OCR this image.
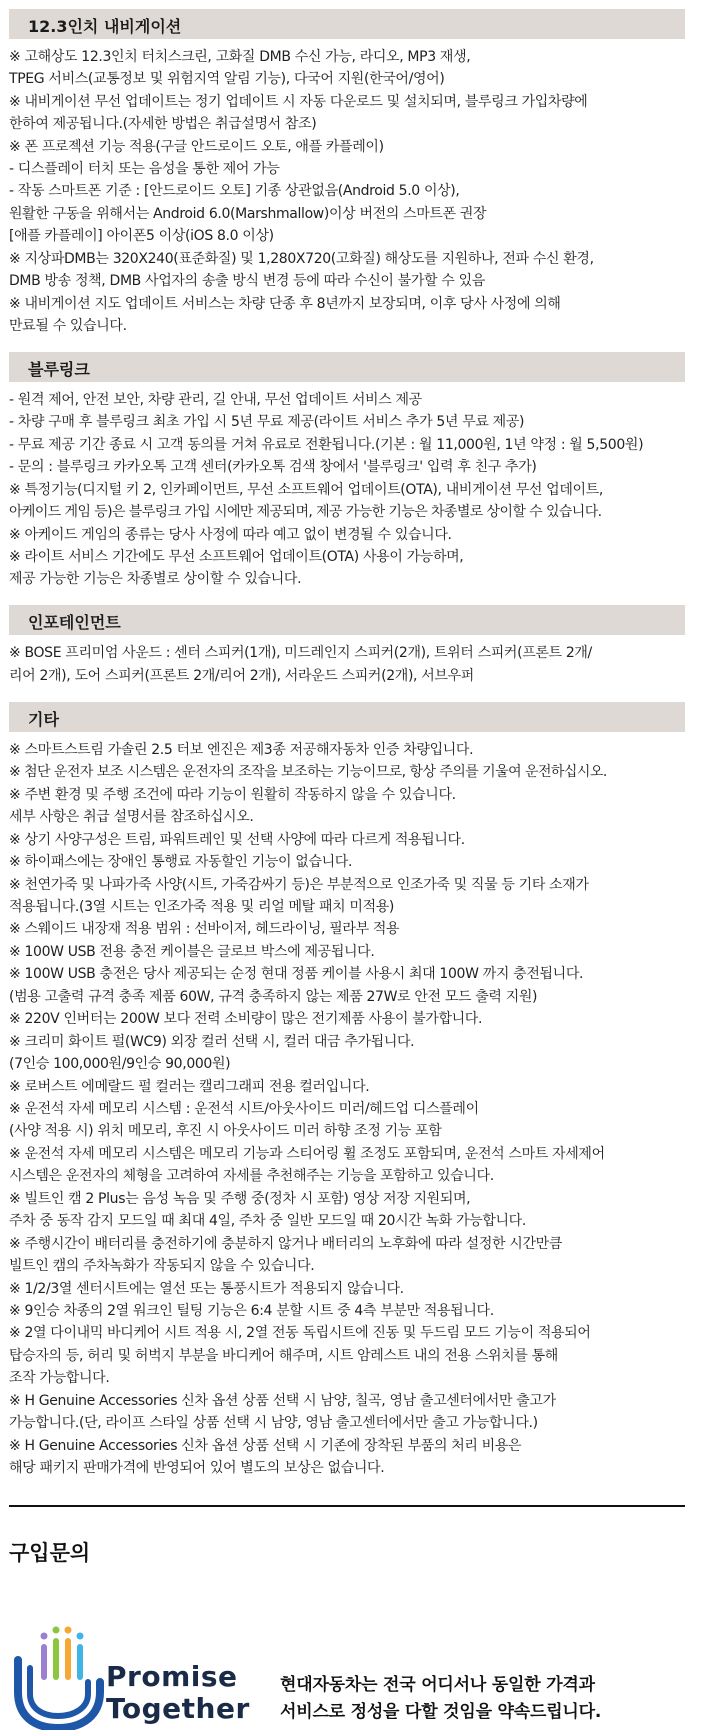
12.3인치 내비게이션
※ 고해상도 12.3인치 터치스크린, 고화질 DMB 수신 가능, 라디오, MP3 재생,
TPEG 서비스(교통정보 및 위험지역 알림 기능), 다국어 지원(한국어/영어)
※ 내비게이션 무선 업데이트는 정기 업데이트 시 자동 다운로드 및 설치되며, 블루링크 가입차량에
한하여 제공됩니다.(자세한 방법은 취급설명서 참조)
※ 폰 프로젝션 기능 적용(구글 안드로이드 오토, 애플 카플레이)
- 디스플레이 터치 또는 음성을 통한 제어 가능
- 작동 스마트폰 기준 : [안드로이드 오토] 기종 상관없음(Android 5.0 이상),
원활한 구동을 위해서는 Android 6.0(Marshmallow)이상 버전의 스마트폰 권장
[애플 카플레이] 아이폰5 이상(iOS 8.0 이상)
※ 지상파DMB는 320X240(표준화질) 및 1,280X720(고화질) 해상도를 지원하나, 전파 수신 환경,
DMB 방송 정책, DMB 사업자의 송출 방식 변경 등에 따라 수신이 불가할 수 있음
※ 내비게이션 지도 업데이트 서비스는 차량 단종 후 8년까지 보장되며, 이후 당사 사정에 의해
만료될 수 있습니다.
블루링크
- 원격 제어, 안전 보안, 차량 관리, 길 안내, 무선 업데이트 서비스 제공
- 차량 구매 후 블루링크 최초 가입 시 5년 무료 제공(라이트 서비스 추가 5년 무료 제공)
- 무료 제공 기간 종료 시 고객 동의를 거쳐 유료로 전환됩니다.(기본 : 월 11,000원, 1년 약정 : 월 5,500원)
- 문의 : 블루링크 카카오톡 고객 센터(카카오톡 검색 창에서 '블루링크' 입력 후 친구 추가)
※ 특정기능(디지털 키 2, 인카페이먼트, 무선 소프트웨어 업데이트(OTA), 내비게이션 무선 업데이트,
아케이드 게임 등)은 블루링크 가입 시에만 제공되며, 제공 가능한 기능은 차종별로 상이할 수 있습니다.
※ 아케이드 게임의 종류는 당사 사정에 따라 예고 없이 변경될 수 있습니다.
※ 라이트 서비스 기간에도 무선 소프트웨어 업데이트(OTA) 사용이 가능하며,
제공 가능한 기능은 차종별로 상이할 수 있습니다.
인포테인먼트
※ BOSE 프리미엄 사운드 : 센터 스피커(1개), 미드레인지 스피커(2개), 트위터 스피커(프론트 2개/
리어 2개), 도어 스피커(프론트 2개/리어 2개), 서라운드 스피커(2개), 서브우퍼
기타
※ 스마트스트림 가솔린 2.5 터보 엔진은 제3종 저공해자동차 인증 차량입니다.
※ 첨단 운전자 보조 시스템은 운전자의 조작을 보조하는 기능이므로, 항상 주의를 기울여 운전하십시오.
※ 주변 환경 및 주행 조건에 따라 기능이 원활히 작동하지 않을 수 있습니다.
세부 사항은 취급 설명서를 참조하십시오.
※ 상기 사양구성은 트림, 파워트레인 및 선택 사양에 따라 다르게 적용됩니다.
※ 하이패스에는 장애인 통행료 자동할인 기능이 없습니다.
※ 천연가죽 및 나파가죽 사양(시트, 가죽감싸기 등)은 부분적으로 인조가죽 및 직물 등 기타 소재가
적용됩니다.(3열 시트는 인조가죽 적용 및 리얼 메탈 패치 미적용)
※ 스웨이드 내장재 적용 범위 : 선바이저, 헤드라이닝, 필라부 적용
※ 100W USB 전용 충전 케이블은 글로브 박스에 제공됩니다.
※ 100W USB 충전은 당사 제공되는 순정 현대 정품 케이블 사용시 최대 100W 까지 충전됩니다.
(범용 고출력 규격 충족 제품 60W, 규격 충족하지 않는 제품 27W로 안전 모드 출력 지원)
※ 220V 인버터는 200W 보다 전력 소비량이 많은 전기제품 사용이 불가합니다.
※ 크리미 화이트 펄(WC9) 외장 컬러 선택 시, 컬러 대금 추가됩니다.
(7인승 100,000원/9인승 90,000원)
※ 로버스트 에메랄드 펄 컬러는 캘리그래피 전용 컬러입니다.
※ 운전석 자세 메모리 시스템 : 운전석 시트/아웃사이드 미러/헤드업 디스플레이
(사양 적용 시) 위치 메모리, 후진 시 아웃사이드 미러 하향 조정 기능 포함
※ 운전석 자세 메모리 시스템은 메모리 기능과 스티어링 휠 조정도 포함되며, 운전석 스마트 자세제어
시스템은 운전자의 체형을 고려하여 자세를 추천해주는 기능을 포함하고 있습니다.
※ 빌트인 캠 2 Plus는 음성 녹음 및 주행 중(정차 시 포함) 영상 저장 지원되며,
주차 중 동작 감지 모드일 때 최대 4일, 주차 중 일반 모드일 때 20시간 녹화 가능합니다.
※ 주행시간이 배터리를 충전하기에 충분하지 않거나 배터리의 노후화에 따라 설정한 시간만큼
빌트인 캠의 주차녹화가 작동되지 않을 수 있습니다.
※ 1/2/3열 센터시트에는 열선 또는 통풍시트가 적용되지 않습니다.
※ 9인승 차종의 2열 워크인 틸팅 기능은 6:4 분할 시트 중 4측 부분만 적용됩니다.
※ 2열 다이내믹 바디케어 시트 적용 시, 2열 전동 독립시트에 진동 및 두드림 모드 기능이 적용되어
탑승자의 등, 허리 및 허벅지 부분을 바디케어 해주며, 시트 암레스트 내의 전용 스위치를 통해
조작 가능합니다.
※ H Genuine Accessories 신차 옵션 상품 선택 시 남양, 칠곡, 영남 출고센터에서만 출고가
가능합니다.(단, 라이프 스타일 상품 선택 시 남양, 영남 출고센터에서만 출고 가능합니다.)
※ H Genuine Accessories 신차 옵션 상품 선택 시 기존에 장착된 부품의 처리 비용은
해당 패키지 판매가격에 반영되어 있어 별도의 보상은 없습니다.
구입문의
Promise
Together
현대자동차는 전국 어디서나 동일한 가격과
서비스로 정성을 다할 것임을 약속드립니다.
